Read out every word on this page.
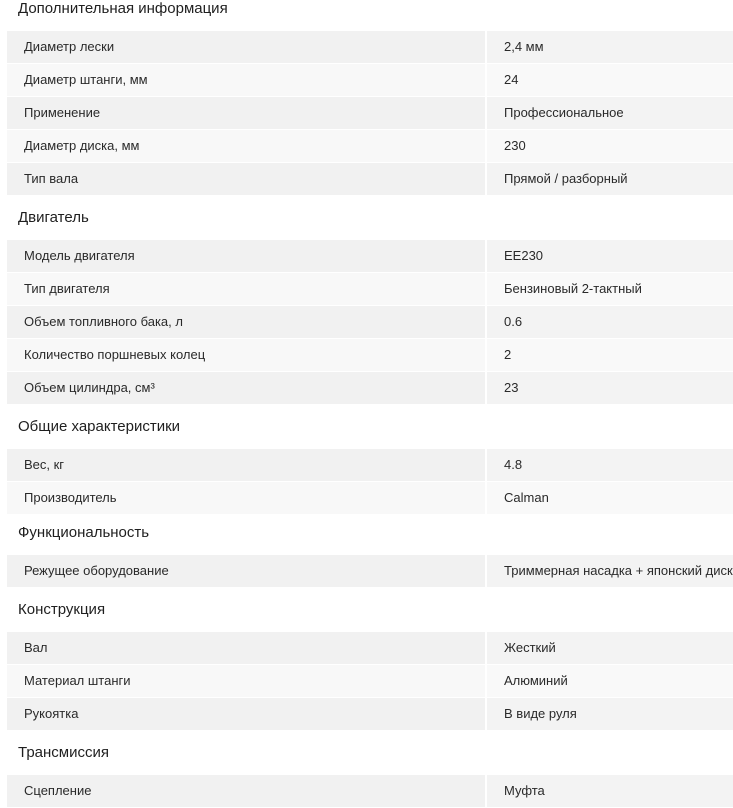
Дополнительная информация
Диаметр лески	2,4 мм
Диаметр штанги, мм	24
Применение	Профессиональное
Диаметр диска, мм	230
Тип вала	Прямой / разборный
Двигатель
Модель двигателя	EE230
Тип двигателя	Бензиновый 2-тактный
Объем топливного бака, л	0.6
Количество поршневых колец	2
Объем цилиндра, см³	23
Общие характеристики
Вес, кг	4.8
Производитель	Calman
Функциональность
Режущее оборудование	Триммерная насадка + японский диск
Конструкция
Вал	Жесткий
Материал штанги	Алюминий
Рукоятка	В виде руля
Трансмиссия
Сцепление	Муфта
